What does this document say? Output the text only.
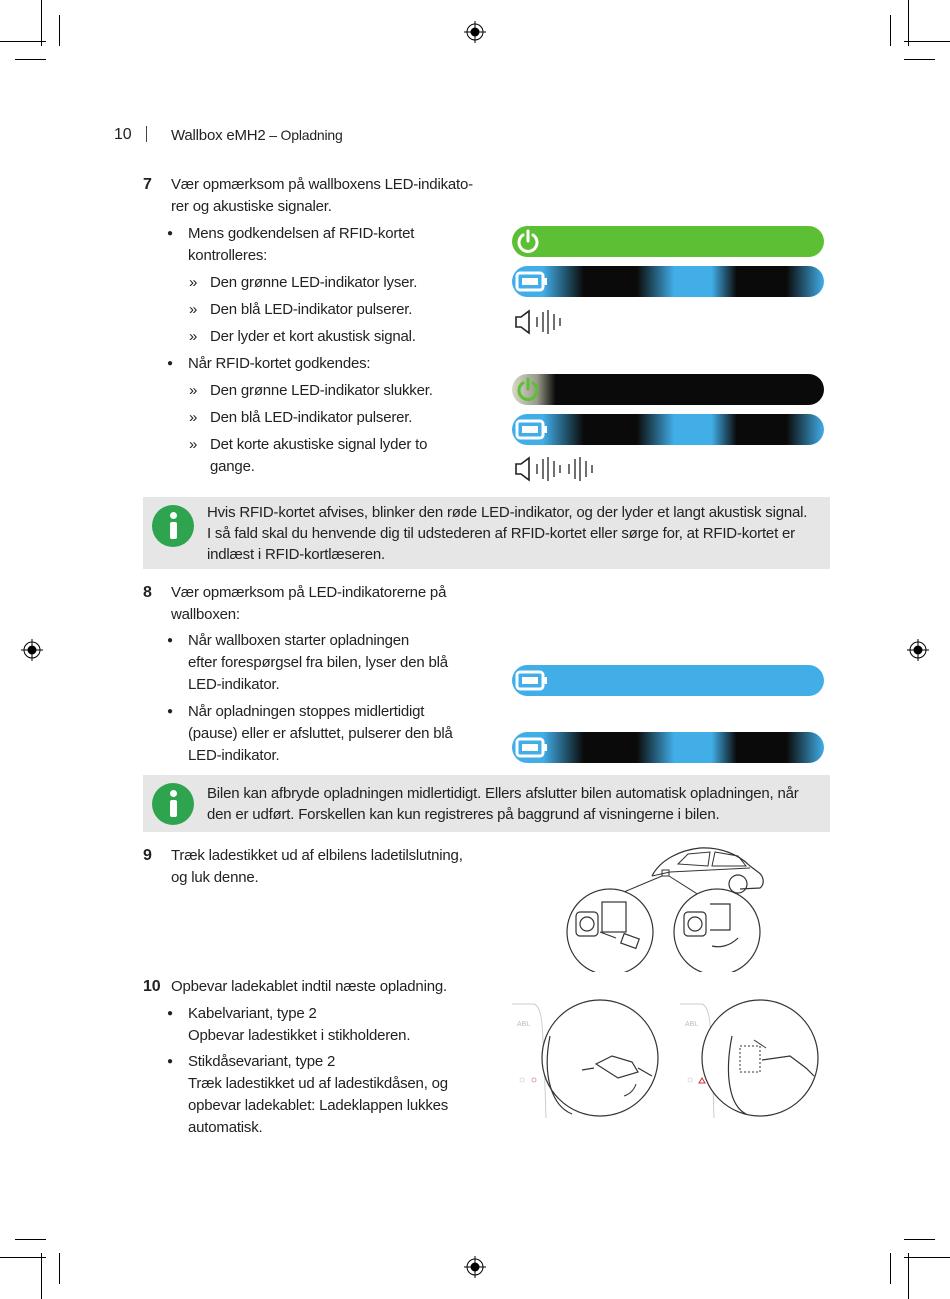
10	Wallbox eMH2 – Opladning
7 Vær opmærksom på wallboxens LED-indikato-
rer og akustiske signaler.
● Mens godkendelsen af RFID-kortet
kontrolleres:
» Den grønne LED-indikator lyser.
» Den blå LED-indikator pulserer.
» Der lyder et kort akustisk signal.
● Når RFID-kortet godkendes:
» Den grønne LED-indikator slukker.
» Den blå LED-indikator pulserer.
» Det korte akustiske signal lyder to
gange.
Hvis RFID-kortet afvises, blinker den røde LED-indikator, og der lyder et langt akustisk signal.
I så fald skal du henvende dig til udstederen af RFID-kortet eller sørge for, at RFID-kortet er
indlæst i RFID-kortlæseren.
8 Vær opmærksom på LED-indikatorerne på
wallboxen:
● Når wallboxen starter opladningen
efter forespørgsel fra bilen, lyser den blå
LED-indikator.
● Når opladningen stoppes midlertidigt
(pause) eller er afsluttet, pulserer den blå
LED-indikator.
Bilen kan afbryde opladningen midlertidigt. Ellers afslutter bilen automatisk opladningen, når
den er udført. Forskellen kan kun registreres på baggrund af visningerne i bilen.
9 Træk ladestikket ud af elbilens ladetilslutning,
og luk denne.
10 Opbevar ladekablet indtil næste opladning.
● Kabelvariant, type 2
Opbevar ladestikket i stikholderen.
● Stikdåsevariant, type 2
Træk ladestikket ud af ladestikdåsen, og
opbevar ladekablet: Ladeklappen lukkes
automatisk.
ABL	ABL
